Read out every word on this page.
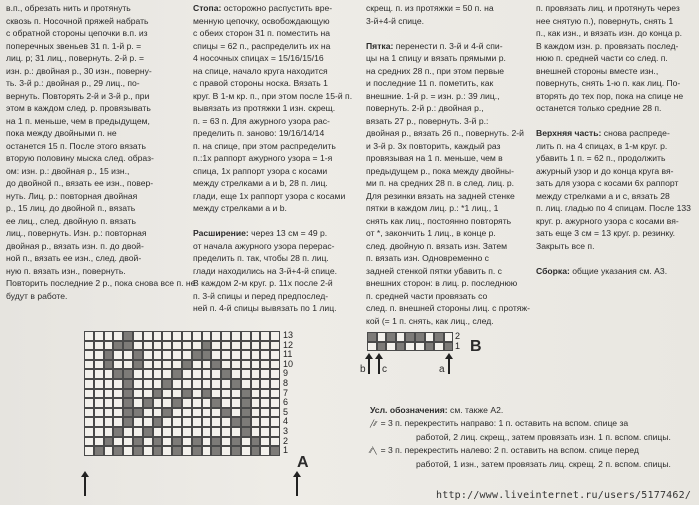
в.п., обрезать нить и протянуть

сквозь п. Носочной пряжей набрать

с обратной стороны цепочки в.п. из

поперечных звеньев 31 п. 1-й р. =

лиц. р; 31 лиц., повернуть. 2-й р. =

изн. р.: двойная р., 30 изн., поверну-

ть. 3-й р.: двойная р., 29 лиц., по-

вернуть. Повторять 2-й и 3-й р., при

этом в каждом след. р. провязывать

на 1 п. меньше, чем в предыдущем,

пока между двойными п. не

останется 15 п. После этого вязать

вторую половину мыска след. образ-

ом: изн. р.: двойная р., 15 изн.,

до двойной п., вязать ее изн., повер-

нуть. Лиц. р.: повторная двойная

р., 15 лиц. до двойной п., вязать

ее лиц., след. двойную п. вязать

лиц., повернуть. Изн. р.: повторная

двойная р., вязать изн. п. до двой-

ной п., вязать ее изн., след. двой-

ную п. вязать изн., повернуть.

Повторить последние 2 р., пока снова все п. не

будут в работе.

Стопа: осторожно распустить вре-

менную цепочку, освобождающую

с обеих сторон 31 п. поместить на

спицы = 62 п., распределить их на

4 носочных спицах = 15/16/15/16

на спице, начало круга находится

с правой стороны носка. Вязать 1

круг. В 1-м кр. п., при этом после 15-й п.

вывязать из протяжки 1 изн. скрещ.

п. = 63 п. Для ажурного узора рас-

пределить п. заново: 19/16/14/14

п. на спице, при этом распределить

п.:1х раппорт ажурного узора = 1-я

спица, 1х раппорт узора с косами

между стрелками а и b, 28 п. лиц.

глади, еще 1х раппорт узора с косами

между стрелками а и b.

Расширение: через 13 см = 49 р.

от начала ажурного узора перерас-

пределить п. так, чтобы 28 п. лиц.

глади находились на 3-й+4-й спице.

В каждом 2-м круг. р. 11х после 2-й

п. 3-й спицы и перед предпослед-

ней п. 4-й спицы вывязать по 1 лиц.

скрещ. п. из протяжки = 50 п. на

3-й+4-й спице.

Пятка: перенести п. 3-й и 4-й спи-

цы на 1 спицу и вязать прямыми р.

на средних 28 п., при этом первые

и последние 11 п. пометить, как

внешние. 1-й р. = изн. р.: 39 лиц.,

повернуть. 2-й р.: двойная р.,

вязать 27 р., повернуть. 3-й р.:

двойная р., вязать 26 п., повернуть. 2-й

и 3-й р. 3х повторить, каждый раз

провязывая на 1 п. меньше, чем в

предыдущем р., пока между двойны-

ми п. на средних 28 п. в след. лиц. р.

Для резинки вязать на задней стенке

пятки в каждом лиц. р.: *1 лиц., 1

снять как лиц., постоянно повторять

от *, закончить 1 лиц., в конце р.

след. двойную п. вязать изн. Затем

п. вязать изн. Одновременно с

задней стенкой пятки убавить п. с

внешних сторон: в лиц. р. последнюю

п. средней части провязать со

след. п. внешней стороны лиц. с протяж-

кой (= 1 п. снять, как лиц., след.

п. провязать лиц. и протянуть через

нее снятую п.), повернуть, снять 1

п., как изн., и вязать изн. до конца р.

В каждом изн. р. провязать послед-

нюю п. средней части со след. п.

внешней стороны вместе изн.,

повернуть, снять 1-ю п. как лиц. По-

вторять до тех пор, пока на спице не

останется только средние 28 п.

Верхняя часть: снова распреде-

лить п. на 4 спицах, в 1-м круг. р.

убавить 1 п. = 62 п., продолжить

ажурный узор и до конца круга вя-

зать для узора с косами 6х раппорт

между стрелками а и с, вязать 28

п. лиц. гладью по 4 спицам. После 133

круг. р. ажурного узора с косами вя-

зать еще 3 см = 13 круг. р. резинку.

Закрыть все п.

Сборка: общие указания см. А3.

13
12
11
10
9
8
7
6
5
4
3
2
1
A
B

Усл. обозначения: см. также А2.

╱⁄⁄ = 3 п. перекрестить направо: 1 п. оставить на вспом. спице за

работой, 2 лиц. скрещ., затем провязать изн. 1 п. вспом. спицы.

⁄⁄╲ = 3 п. перекрестить налево: 2 п. оставить на вспом. спице перед

работой, 1 изн., затем провязать лиц. скрещ. 2 п. вспом. спицы.

http://www.liveinternet.ru/users/5177462/
2
1
b c	a
